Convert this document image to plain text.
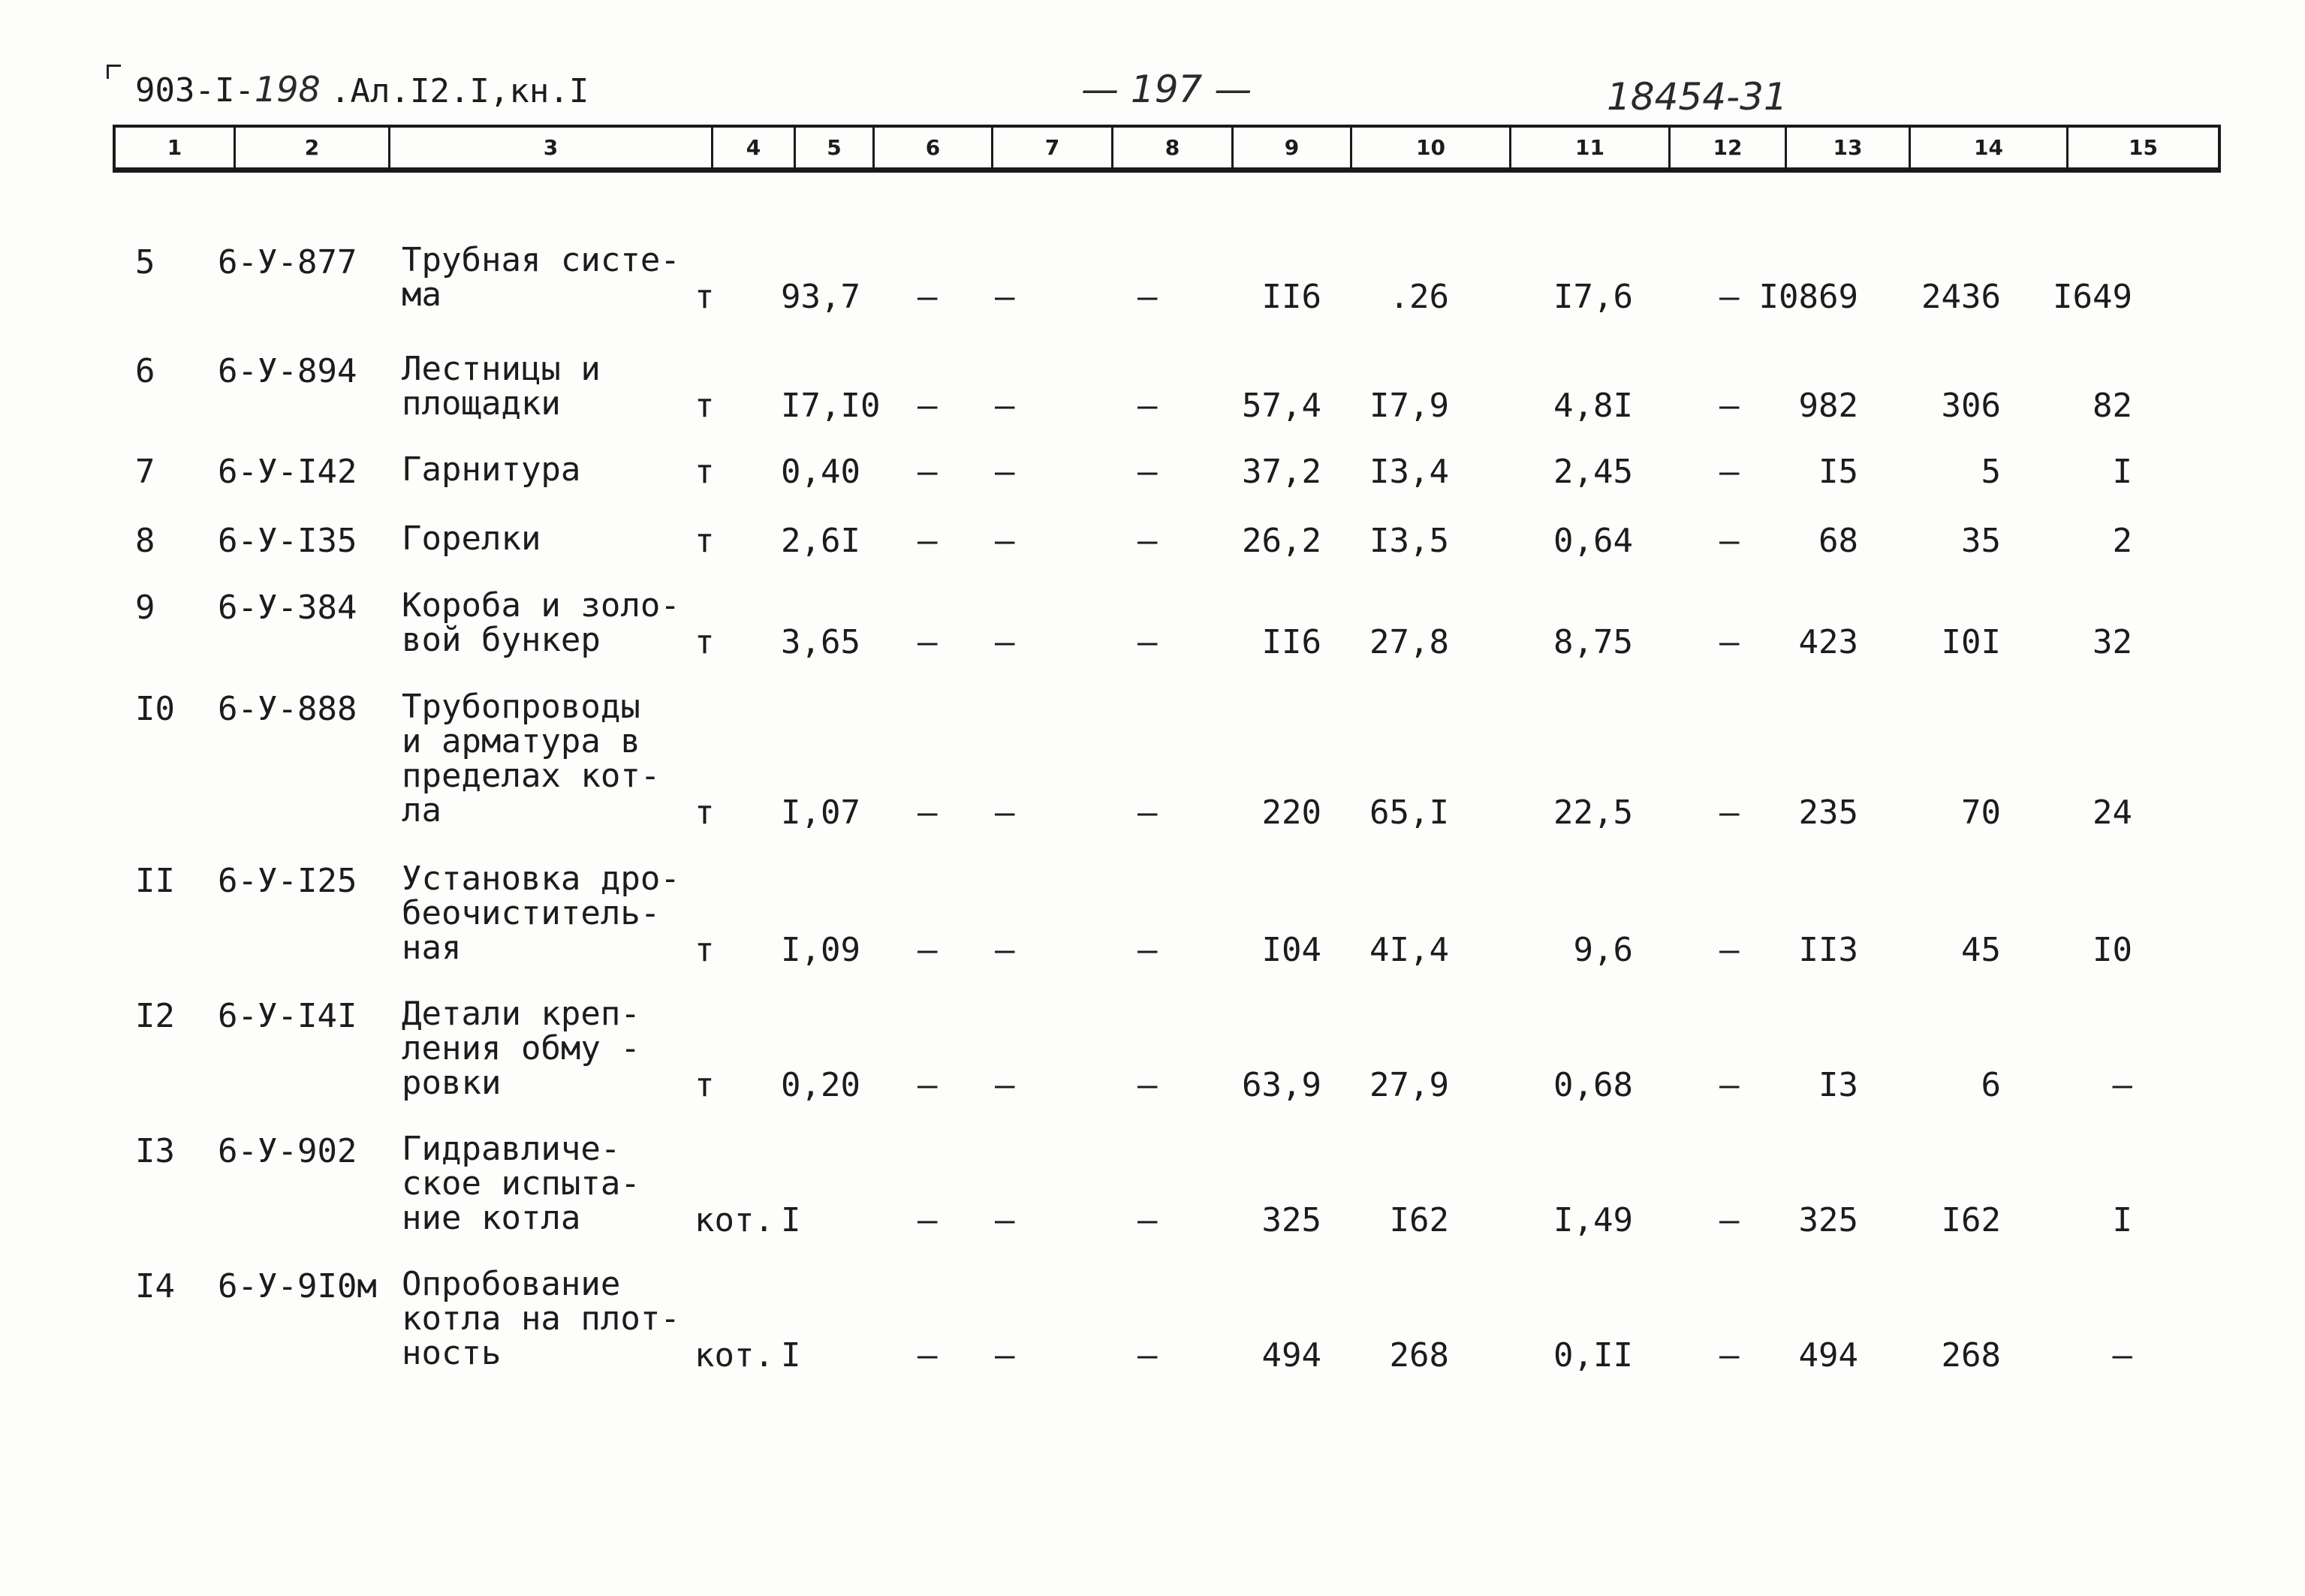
903-I-198 .Ал.I2.I,кн.I	— 197 —	18454-31
1	2	3	4	5	6	7	8	9	10	11	12	13	14	15
5 6-У-877 Трубная систе-
ма	т 93,7 – –	–	II6 .26	I7,6	– I0869 2436 I649
6 6-У-894 Лестницы и
площадки	т I7,I0 – –	–	57,4 I7,9	4,8I	– 982	306	82
7 6-У-I42 Гарнитура	т 0,40 – –	–	37,2 I3,4	2,45	– I5	5	I
8 6-У-I35 Горелки	т 2,6I – –	–	26,2 I3,5	0,64	– 68	35	2
9 6-У-384 Короба и золо-
вой бункер	т 3,65 – –	–	II6 27,8	8,75	– 423	I0I	32
I0 6-У-888 Трубопроводы
и арматура в
пределах кот-
ла	т I,07 – –	–	220 65,I	22,5	– 235	70	24
II 6-У-I25 Установка дро-
беочиститель-
ная	т I,09 – –	–	I04 4I,4	9,6	– II3	45	I0
I2 6-У-I4I Детали креп-
ления обму -
ровки	т 0,20 – –	–	63,9 27,9	0,68	– I3	6	–
I3 6-У-902 Гидравличе-
ское испыта-
ние котла	кот. I	– –	–	325 I62	I,49	– 325	I62	I
I4 6-У-9I0м Опробование
котла на плот-
ность	кот. I	– –	–	494 268	0,II	– 494	268	–
